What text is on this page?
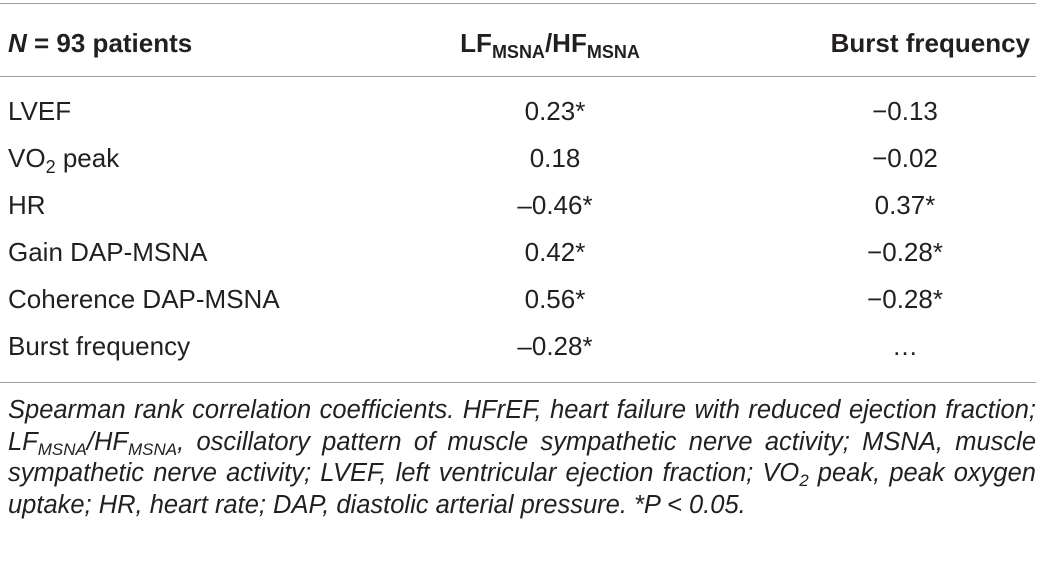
N = 93 patients	$LF_{MSNA}/HF_{MSNA}$	Burst frequency
LVEF	0.23*	−0.13
$VO_2$ peak	0.18	−0.02
HR	–0.46*	0.37*
Gain DAP-MSNA	0.42*	−0.28*
Coherence DAP-MSNA	0.56*	−0.28*
Burst frequency	–0.28*	…
Spearman rank correlation coefficients. HFrEF, heart failure with reduced ejection fraction; $LF_{MSNA}/HF_{MSNA}$, oscillatory pattern of muscle sympathetic nerve activity; MSNA, muscle sympathetic nerve activity; LVEF, left ventricular ejection fraction; $VO_2$ peak, peak oxygen uptake; HR, heart rate; DAP, diastolic arterial pressure. *P < 0.05.
